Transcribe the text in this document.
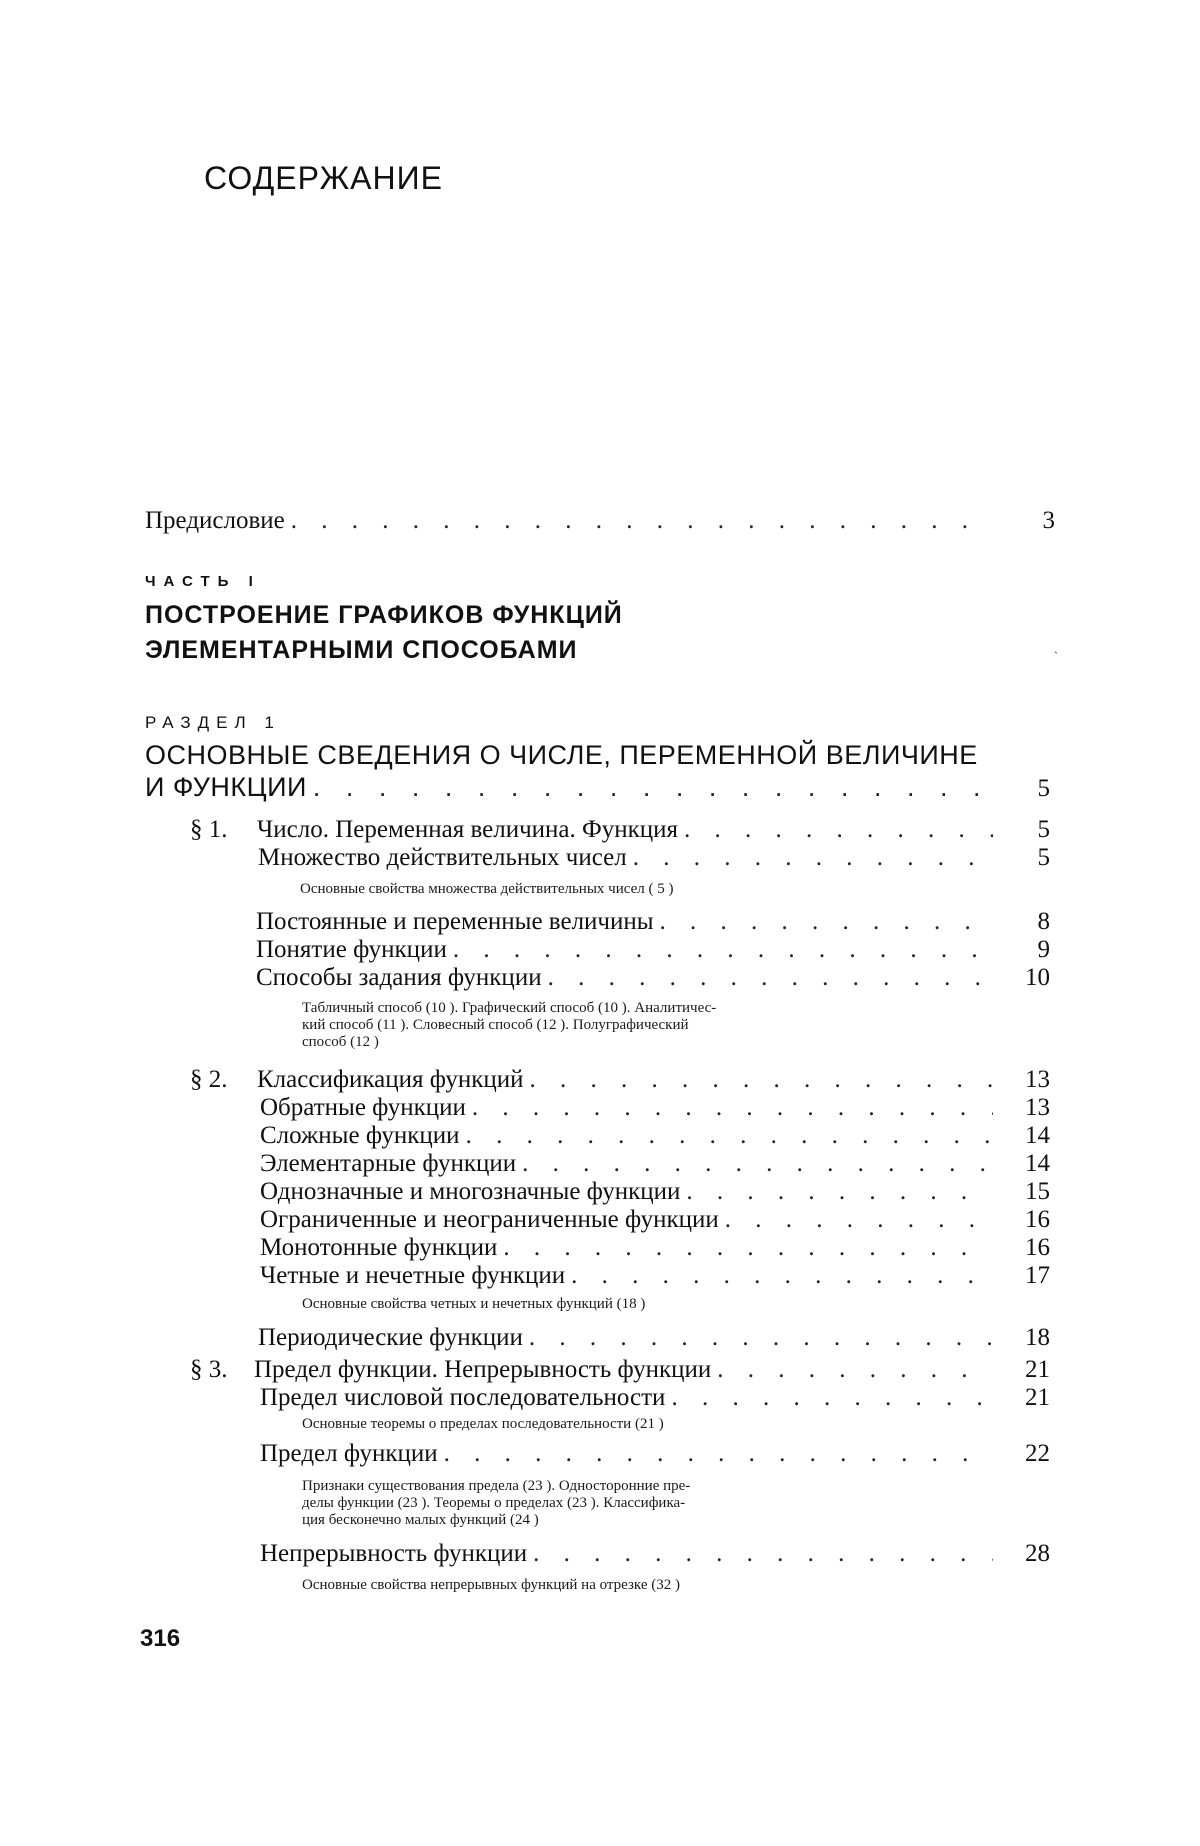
СОДЕРЖАНИЕ
Предисловие . . .	3
ЧАСТЬ I
ПОСТРОЕНИЕ ГРАФИКОВ ФУНКЦИЙ
ЭЛЕМЕНТАРНЫМИ СПОСОБАМИ	ˎ
РАЗДЕЛ 1
ОСНОВНЫЕ СВЕДЕНИЯ О ЧИСЛЕ, ПЕРЕМЕННОЙ ВЕЛИЧИНЕ
И ФУНКЦИИ . . .	5
§ 1. Число. Переменная величина. Функция . . .	5
Множество действительных чисел . . .	5
Основные свойства множества действительных чисел ( 5 )
Постоянные и переменные величины . . .	8
Понятие функции . . .	9
Способы задания функции . . .	10
Табличный способ (10 ). Графический способ (10 ). Аналитичес-
кий способ (11 ). Словесный способ (12 ). Полуграфический
способ (12 )
§ 2. Классификация функций . . .	13
Обратные функции . . .	13
Сложные функции . . .	14
Элементарные функции . . .	14
Однозначные и многозначные функции . . .	15
Ограниченные и неограниченные функции . . .	16
Монотонные функции . . .	16
Четные и нечетные функции . . .	17
Основные свойства четных и нечетных функций (18 )
Периодические функции . . .	18
§ 3. Предел функции. Непрерывность функции . . .	21
Предел числовой последовательности . . .	21
Основные теоремы о пределах последовательности (21 )
Предел функции . . .	22
Признаки существования предела (23 ). Односторонние пре-
делы функции (23 ). Теоремы о пределах (23 ). Классифика-
ция бесконечно малых функций (24 )
Непрерывность функции . . .	28
Основные свойства непрерывных функций на отрезке (32 )
316
